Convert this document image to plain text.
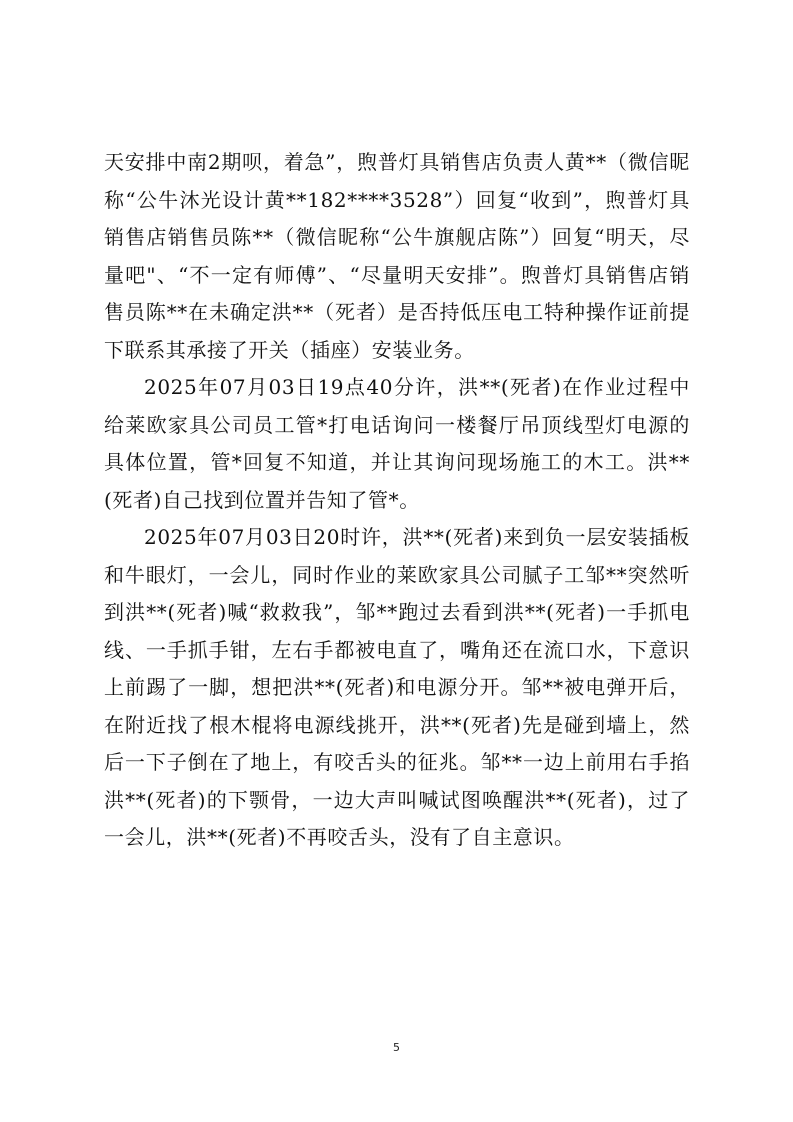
天安排中南2期呗，着急”，煦普灯具销售店负责人黄**（微信昵称“公牛沐光设计黄**182****3528”）回复“收到”，煦普灯具销售店销售员陈**（微信昵称“公牛旗舰店陈”）回复“明天，尽量吧"、“不一定有师傅”、“尽量明天安排”。煦普灯具销售店销售员陈**在未确定洪**（死者）是否持低压电工特种操作证前提下联系其承接了开关（插座）安装业务。

2025年07月03日19点40分许，洪**(死者)在作业过程中给莱欧家具公司员工管*打电话询问一楼餐厅吊顶线型灯电源的具体位置，管*回复不知道，并让其询问现场施工的木工。洪**(死者)自己找到位置并告知了管*。

2025年07月03日20时许，洪**(死者)来到负一层安装插板和牛眼灯，一会儿，同时作业的莱欧家具公司腻子工邹**突然听到洪**(死者)喊“救救我”，邹**跑过去看到洪**(死者)一手抓电线、一手抓手钳，左右手都被电直了，嘴角还在流口水，下意识上前踢了一脚，想把洪**(死者)和电源分开。邹**被电弹开后，在附近找了根木棍将电源线挑开，洪**(死者)先是碰到墙上，然后一下子倒在了地上，有咬舌头的征兆。邹**一边上前用右手掐洪**(死者)的下颚骨，一边大声叫喊试图唤醒洪**(死者)，过了一会儿，洪**(死者)不再咬舌头，没有了自主意识。

5
